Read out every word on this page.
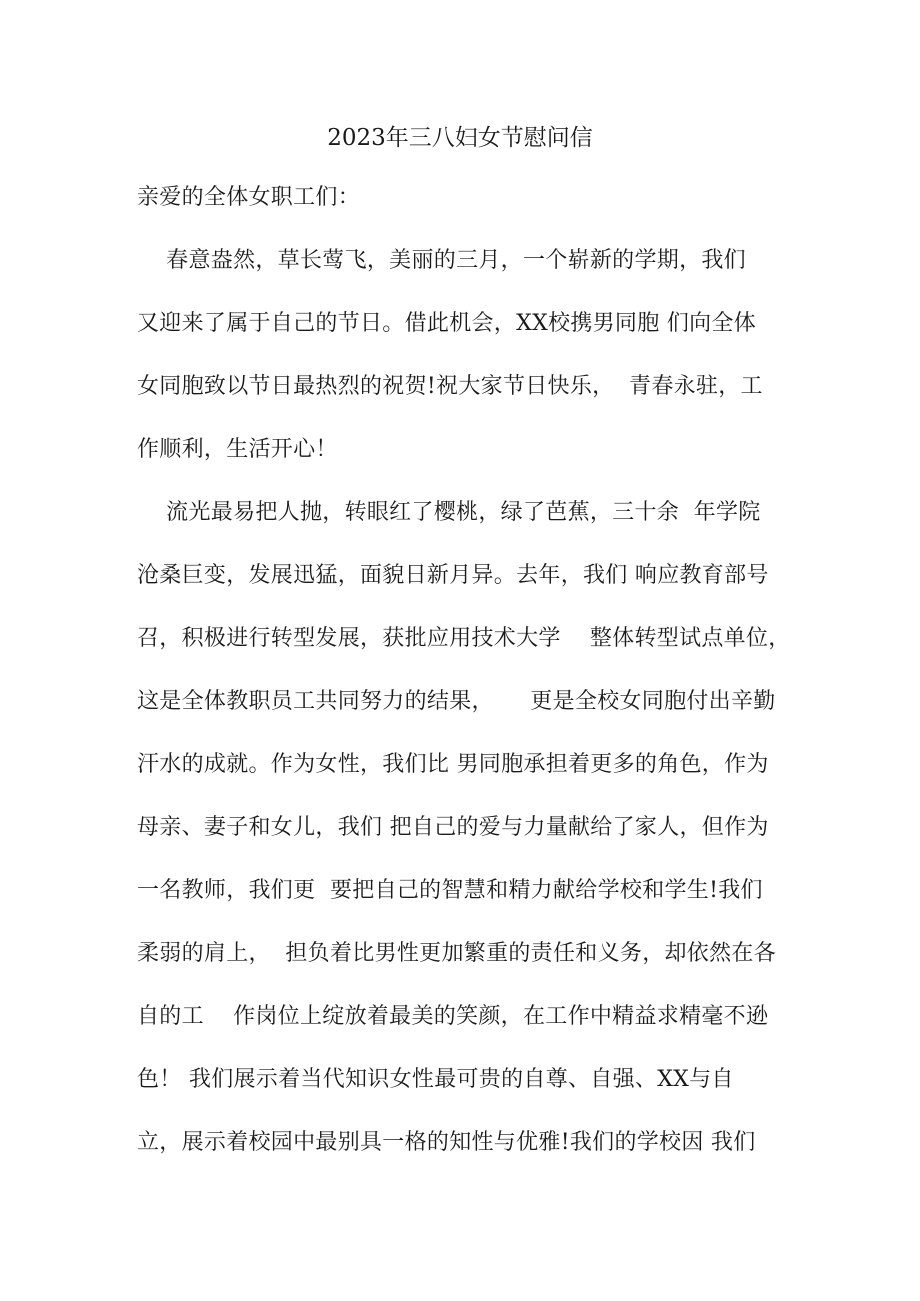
2023年三八妇女节慰问信
亲爱的全体女职工们：
春意盎然，草长莺飞，美丽的三月，一个崭新的学期，我们
又迎来了属于自己的节日。借此机会，XX校携男同胞 们向全体
女同胞致以节日最热烈的祝贺!祝大家节日快乐，  青春永驻，工
作顺利，生活开心！
流光最易把人抛，转眼红了樱桃，绿了芭蕉，三十余  年学院
沧桑巨变，发展迅猛，面貌日新月异。去年，我们 响应教育部号
召，积极进行转型发展，获批应用技术大学    整体转型试点单位，
这是全体教职员工共同努力的结果，     更是全校女同胞付出辛勤
汗水的成就。作为女性，我们比 男同胞承担着更多的角色，作为
母亲、妻子和女儿，我们 把自己的爱与力量献给了家人，但作为
一名教师，我们更  要把自己的智慧和精力献给学校和学生!我们
柔弱的肩上，  担负着比男性更加繁重的责任和义务，却依然在各
自的工    作岗位上绽放着最美的笑颜，在工作中精益求精毫不逊
色！ 我们展示着当代知识女性最可贵的自尊、自强、XX与自
立，展示着校园中最别具一格的知性与优雅!我们的学校因 我们
